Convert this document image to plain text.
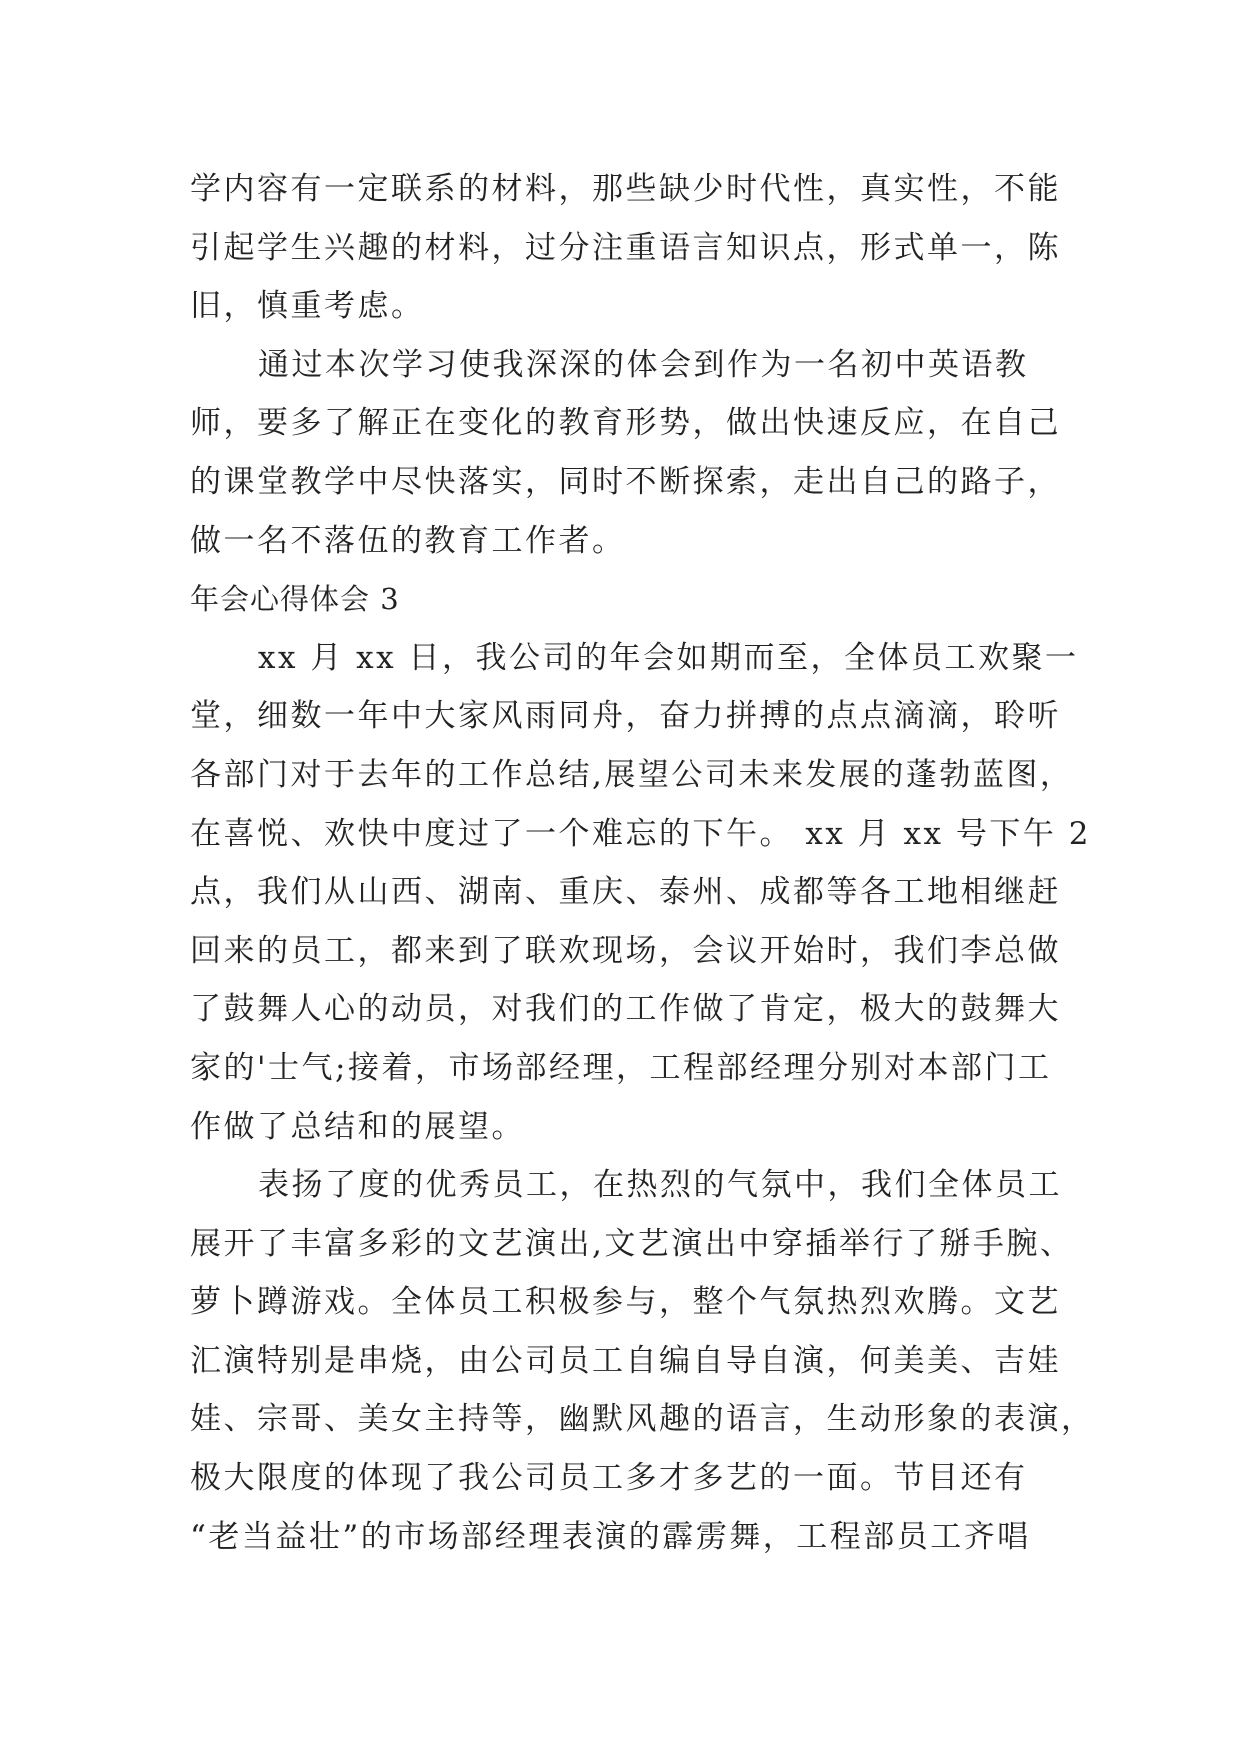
学内容有一定联系的材料，那些缺少时代性，真实性，不能
引起学生兴趣的材料，过分注重语言知识点，形式单一，陈
旧，慎重考虑。
通过本次学习使我深深的体会到作为一名初中英语教
师，要多了解正在变化的教育形势，做出快速反应，在自己
的课堂教学中尽快落实，同时不断探索，走出自己的路子，
做一名不落伍的教育工作者。
年会心得体会 3
xx 月 xx 日，我公司的年会如期而至，全体员工欢聚一
堂，细数一年中大家风雨同舟，奋力拼搏的点点滴滴，聆听
各部门对于去年的工作总结,展望公司未来发展的蓬勃蓝图，
在喜悦、欢快中度过了一个难忘的下午。 xx 月 xx 号下午 2
点，我们从山西、湖南、重庆、泰州、成都等各工地相继赶
回来的员工，都来到了联欢现场，会议开始时，我们李总做
了鼓舞人心的动员，对我们的工作做了肯定，极大的鼓舞大
家的'士气;接着，市场部经理，工程部经理分别对本部门工
作做了总结和的展望。
表扬了度的优秀员工，在热烈的气氛中，我们全体员工
展开了丰富多彩的文艺演出,文艺演出中穿插举行了掰手腕、
萝卜蹲游戏。全体员工积极参与，整个气氛热烈欢腾。文艺
汇演特别是串烧，由公司员工自编自导自演，何美美、吉娃
娃、宗哥、美女主持等，幽默风趣的语言，生动形象的表演，
极大限度的体现了我公司员工多才多艺的一面。节目还有
“老当益壮”的市场部经理表演的霹雳舞，工程部员工齐唱
